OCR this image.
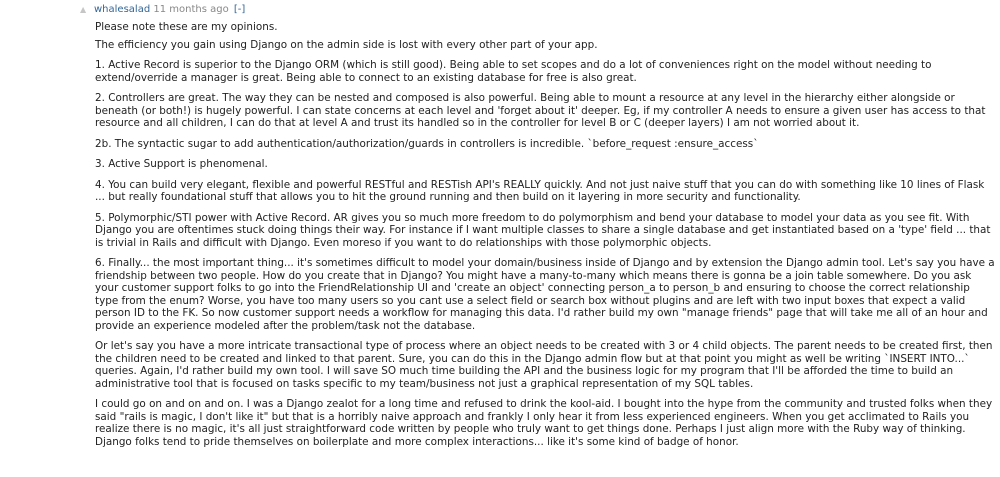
▲ whalesalad 11 months ago [-]

Please note these are my opinions.

The efficiency you gain using Django on the admin side is lost with every other part of your app.

1. Active Record is superior to the Django ORM (which is still good). Being able to set scopes and do a lot of conveniences right on the model without needing to extend/override a manager is great. Being able to connect to an existing database for free is also great.

2. Controllers are great. The way they can be nested and composed is also powerful. Being able to mount a resource at any level in the hierarchy either alongside or beneath (or both!) is hugely powerful. I can state concerns at each level and 'forget about it' deeper. Eg, if my controller A needs to ensure a given user has access to that resource and all children, I can do that at level A and trust its handled so in the controller for level B or C (deeper layers) I am not worried about it.

2b. The syntactic sugar to add authentication/authorization/guards in controllers is incredible. `before_request :ensure_access`

3. Active Support is phenomenal.

4. You can build very elegant, flexible and powerful RESTful and RESTish API's REALLY quickly. And not just naive stuff that you can do with something like 10 lines of Flask ... but really foundational stuff that allows you to hit the ground running and then build on it layering in more security and functionality.

5. Polymorphic/STI power with Active Record. AR gives you so much more freedom to do polymorphism and bend your database to model your data as you see fit. With Django you are oftentimes stuck doing things their way. For instance if I want multiple classes to share a single database and get instantiated based on a 'type' field ... that is trivial in Rails and difficult with Django. Even moreso if you want to do relationships with those polymorphic objects.

6. Finally... the most important thing... it's sometimes difficult to model your domain/business inside of Django and by extension the Django admin tool. Let's say you have a friendship between two people. How do you create that in Django? You might have a many-to-many which means there is gonna be a join table somewhere. Do you ask your customer support folks to go into the FriendRelationship UI and 'create an object' connecting person_a to person_b and ensuring to choose the correct relationship type from the enum? Worse, you have too many users so you cant use a select field or search box without plugins and are left with two input boxes that expect a valid person ID to the FK. So now customer support needs a workflow for managing this data. I'd rather build my own "manage friends" page that will take me all of an hour and provide an experience modeled after the problem/task not the database.

Or let's say you have a more intricate transactional type of process where an object needs to be created with 3 or 4 child objects. The parent needs to be created first, then the children need to be created and linked to that parent. Sure, you can do this in the Django admin flow but at that point you might as well be writing `INSERT INTO...` queries. Again, I'd rather build my own tool. I will save SO much time building the API and the business logic for my program that I'll be afforded the time to build an administrative tool that is focused on tasks specific to my team/business not just a graphical representation of my SQL tables.

I could go on and on and on. I was a Django zealot for a long time and refused to drink the kool-aid. I bought into the hype from the community and trusted folks when they said "rails is magic, I don't like it" but that is a horribly naive approach and frankly I only hear it from less experienced engineers. When you get acclimated to Rails you realize there is no magic, it's all just straightforward code written by people who truly want to get things done. Perhaps I just align more with the Ruby way of thinking. Django folks tend to pride themselves on boilerplate and more complex interactions... like it's some kind of badge of honor.
